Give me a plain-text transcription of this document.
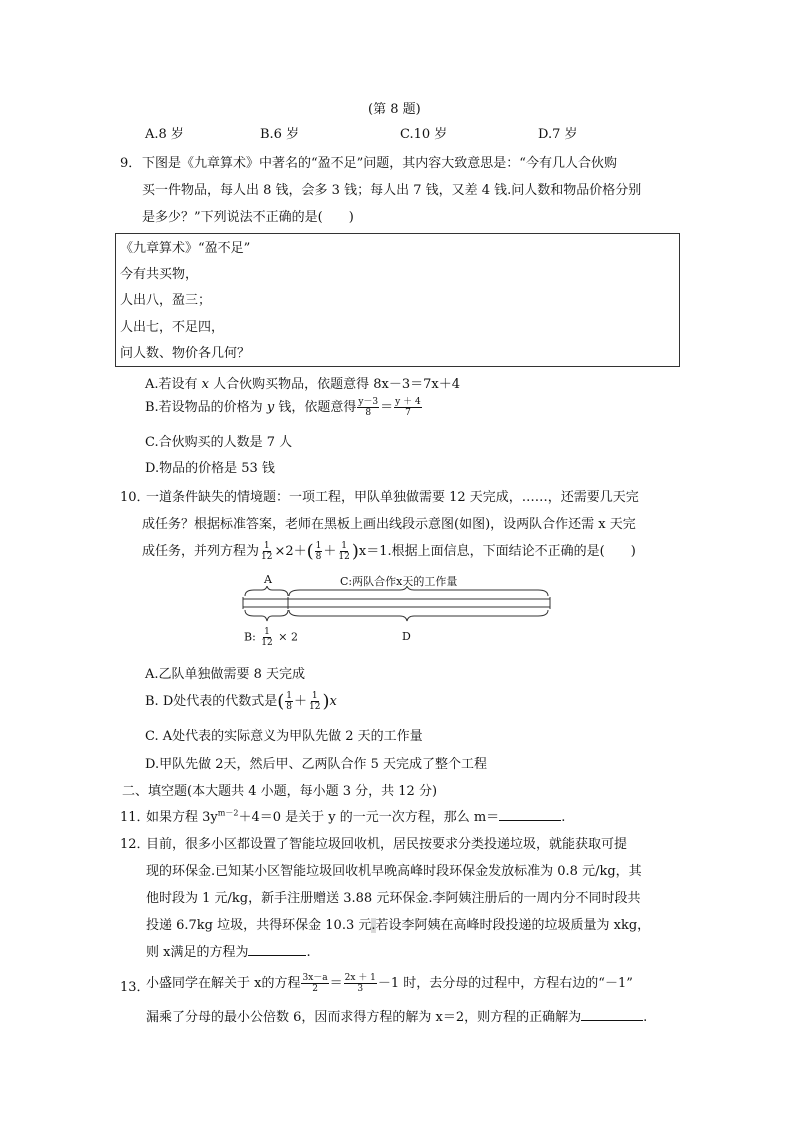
(第 8 题)
A.8 岁	B.6 岁	C.10 岁	D.7 岁
9． 下图是《九章算术》中著名的“盈不足”问题，其内容大致意思是：“今有几人合伙购
买一件物品，每人出 8 钱，会多 3 钱；每人出 7 钱，又差 4 钱.问人数和物品价格分别
是多少？”下列说法不正确的是(　　)
《九章算术》“盈不足”
今有共买物，
人出八，盈三；
人出七，不足四，
问人数、物价各几何？
A.若设有 x 人合伙购买物品，依题意得 8x－3＝7x＋4
B.若设物品的价格为 y 钱，依题意得 $\frac{y-3}{8} = \frac{y + 4}{7}$
C.合伙购买的人数是 7 人
D.物品的价格是 53 钱
10．
一道条件缺失的情境题：一项工程，甲队单独做需要 12 天完成，……，还需要几天完
成任务？根据标准答案，老师在黑板上画出线段示意图(如图)，设两队合作还需 x 天完
成任务，并列方程为 $\frac{1}{12} \times 2+( \frac{1}{8} + \frac{1}{12} )x=1$.根据上面信息，下面结论不正确的是(　　)
A	C:两队合作x天的工作量
B: $\frac{1}{12} \times 2$	D
A.乙队单独做需要 8 天完成
B. D处代表的代数式是( $\frac{1}{8} + \frac{1}{12} )x$
C. A处代表的实际意义为甲队先做 2 天的工作量
D.甲队先做 2天，然后甲、乙两队合作 5 天完成了整个工程
二、填空题(本大题共 4 小题，每小题 3 分，共 12 分)
11．
如果方程 $3y^{m-2}+4=0$ 是关于 y 的一元一次方程，那么 m＝	.
12．
目前，很多小区都设置了智能垃圾回收机，居民按要求分类投递垃圾，就能获取可提
现的环保金.已知某小区智能垃圾回收机早晚高峰时段环保金发放标准为 0.8 元/kg，其
他时段为 1 元/kg，新手注册赠送 3.88 元环保金.李阿姨注册后的一周内分不同时段共
投递 6.7kg 垃圾，共得环保金 10.3 元.若设李阿姨在高峰时段投递的垃圾质量为 xkg，
则 x满足的方程为	.
13．
小盛同学在解关于 x的方程 $\frac{3x-a}{2} = \frac{2x + 1}{3} -1$ 时，去分母的过程中，方程右边的“－1”
漏乘了分母的最小公倍数 6，因而求得方程的解为 x＝2，则方程的正确解为	.
